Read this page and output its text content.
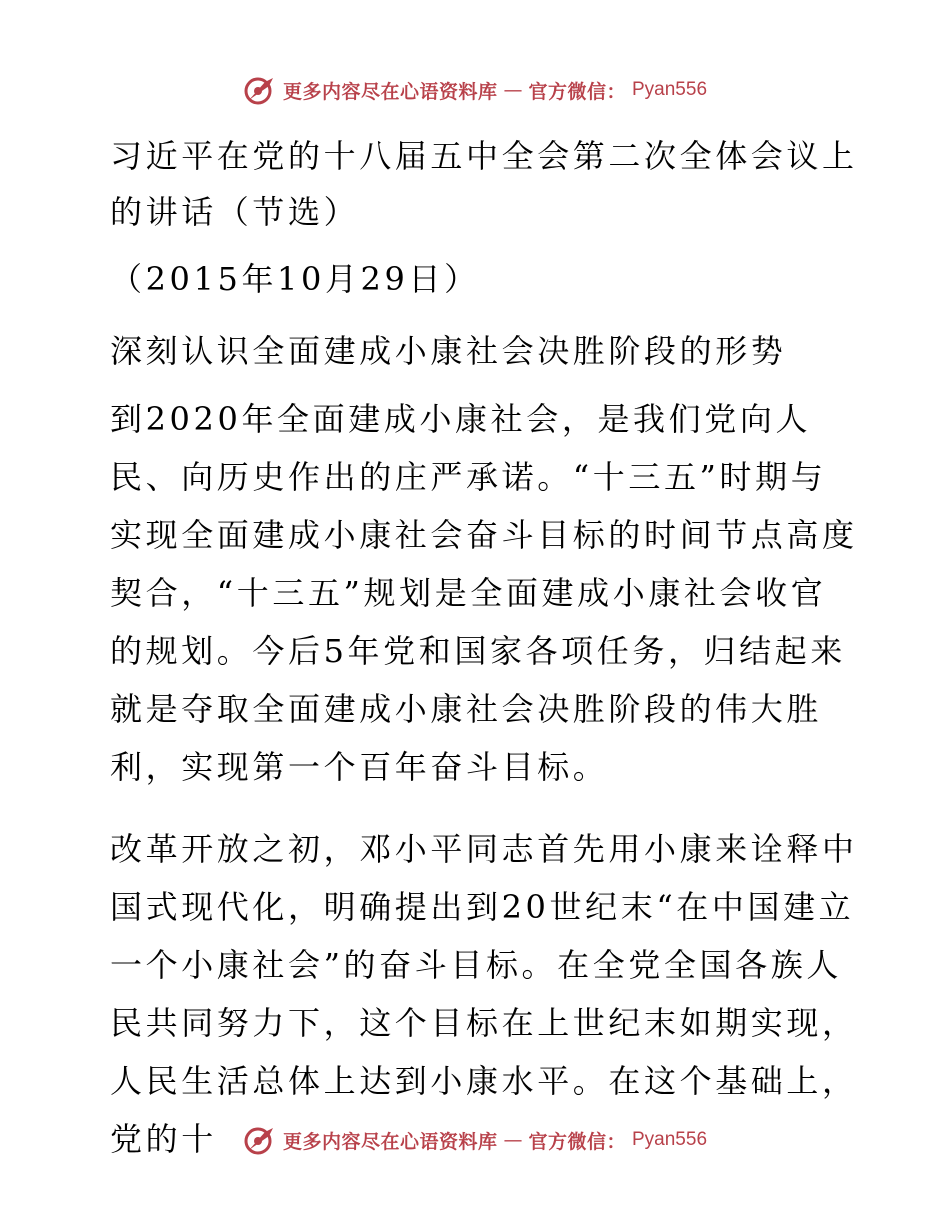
更多内容尽在心语资料库 — 官方微信： Pyan556

习近平在党的十八届五中全会第二次全体会议上的讲话（节选）

（2015年10月29日）

深刻认识全面建成小康社会决胜阶段的形势

到2020年全面建成小康社会，是我们党向人民、向历史作出的庄严承诺。“十三五”时期与实现全面建成小康社会奋斗目标的时间节点高度契合，“十三五”规划是全面建成小康社会收官的规划。今后5年党和国家各项任务，归结起来就是夺取全面建成小康社会决胜阶段的伟大胜利，实现第一个百年奋斗目标。

改革开放之初，邓小平同志首先用小康来诠释中国式现代化，明确提出到20世纪末“在中国建立一个小康社会”的奋斗目标。在全党全国各族人民共同努力下，这个目标在上世纪末如期实现，人民生活总体上达到小康水平。在这个基础上，党的十	更多内容尽在心语资料库 — 官方微信： Pyan556
